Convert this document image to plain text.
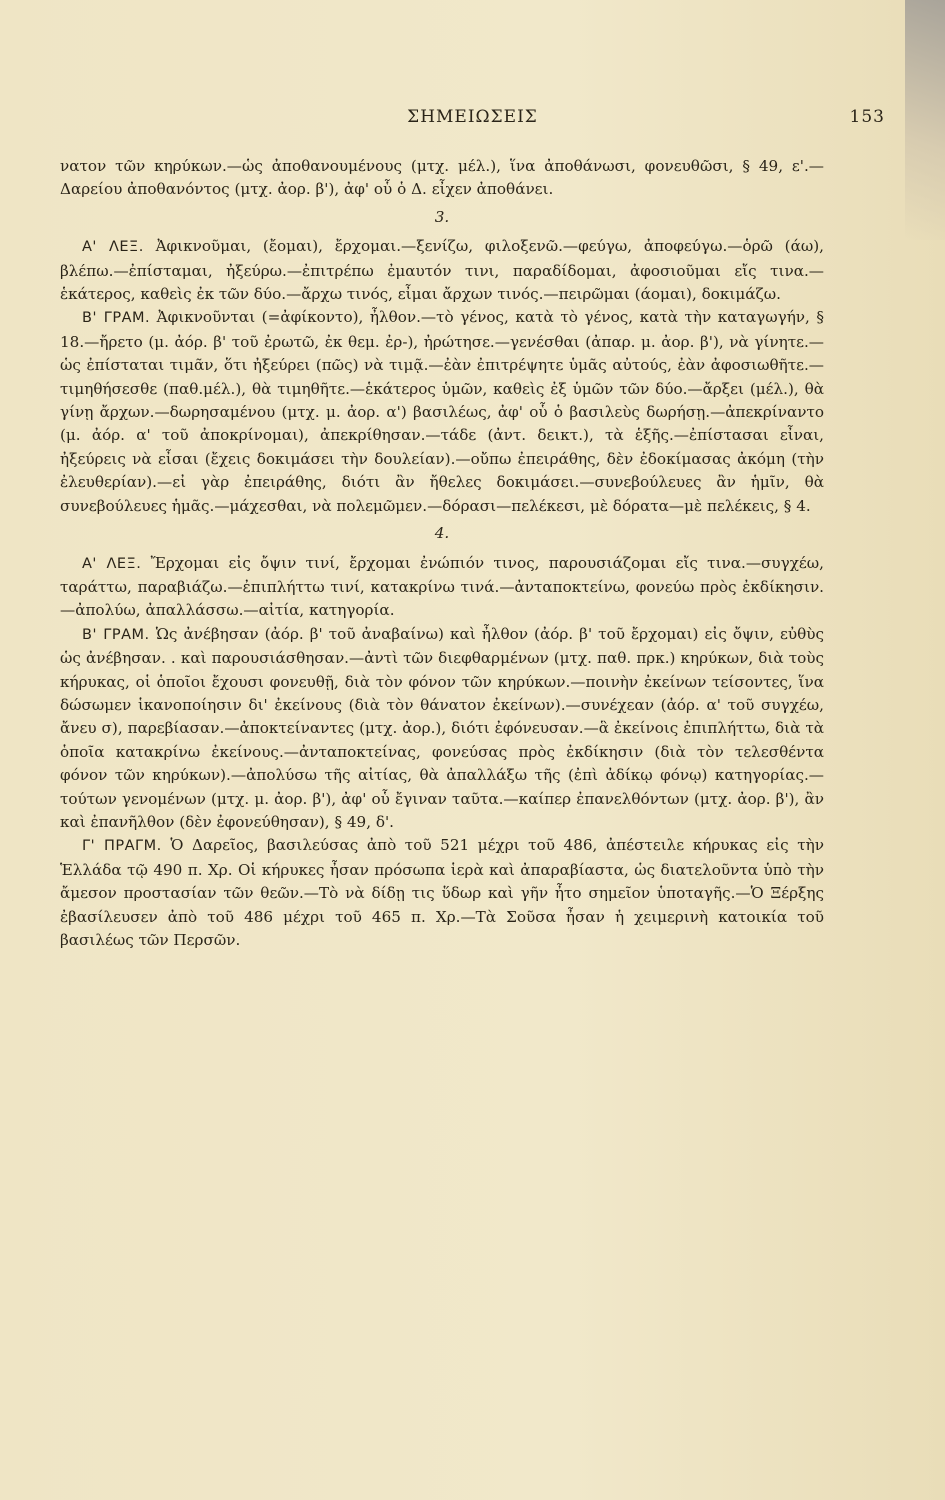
ΣΗΜΕΙΩΣΕΙΣ	153

νατον τῶν κηρύκων.—ὡς ἀποθανουμένους (μτχ. μέλ.), ἵνα ἀποθάνωσι, φονευθῶσι, § 49, ε'.—Δαρείου ἀποθανόντος (μτχ. ἀορ. β'), ἀφ' οὗ ὁ Δ. εἶχεν ἀποθάνει.

3.

Α' ΛΕΞ. Ἀφικνοῦμαι, (ἔομαι), ἔρχομαι.—ξενίζω, φιλοξενῶ.—φεύγω, ἀποφεύγω.—ὁρῶ (άω), βλέπω.—ἐπίσταμαι, ἠξεύρω.—ἐπιτρέπω ἐμαυτόν τινι, παραδίδομαι, ἀφοσιοῦμαι εἴς τινα.—ἑκάτερος, καθεὶς ἐκ τῶν δύο.—ἄρχω τινός, εἶμαι ἄρχων τινός.—πειρῶμαι (άομαι), δοκιμάζω.

Β' ΓΡΑΜ. Ἀφικνοῦνται (=ἀφίκοντο), ἦλθον.—τὸ γένος, κατὰ τὸ γένος, κατὰ τὴν καταγωγήν, § 18.—ἤρετο (μ. ἀόρ. β' τοῦ ἐρωτῶ, ἐκ θεμ. ἐρ-), ἠρώτησε.—γενέσθαι (ἀπαρ. μ. ἀορ. β'), νὰ γίνητε.—ὡς ἐπίσταται τιμᾶν, ὅτι ἠξεύρει (πῶς) νὰ τιμᾷ.—ἐὰν ἐπιτρέψητε ὑμᾶς αὐτούς, ἐὰν ἀφοσιωθῆτε.—τιμηθήσεσθε (παθ.μέλ.), θὰ τιμηθῆτε.—ἑκάτερος ὑμῶν, καθεὶς ἐξ ὑμῶν τῶν δύο.—ἄρξει (μέλ.), θὰ γίνῃ ἄρχων.—δωρησαμένου (μτχ. μ. ἀορ. α') βασιλέως, ἀφ' οὗ ὁ βασιλεὺς δωρήσῃ.—ἀπεκρίναντο (μ. ἀόρ. α' τοῦ ἀποκρίνομαι), ἀπεκρίθησαν.—τάδε (ἀντ. δεικτ.), τὰ ἑξῆς.—ἐπίστασαι εἶναι, ἠξεύρεις νὰ εἶσαι (ἔχεις δοκιμάσει τὴν δουλείαν).—οὔπω ἐπειράθης, δὲν ἐδοκίμασας ἀκόμη (τὴν ἐλευθερίαν).—εἰ γὰρ ἐπειράθης, διότι ἂν ἤθελες δοκιμάσει.—συνεβούλευες ἂν ἡμῖν, θὰ συνεβούλευες ἡμᾶς.—μάχεσθαι, νὰ πολεμῶμεν.—δόρασι—πελέκεσι, μὲ δόρατα—μὲ πελέκεις, § 4.

4.

Α' ΛΕΞ. Ἔρχομαι εἰς ὄψιν τινί, ἔρχομαι ἐνώπιόν τινος, παρουσιάζομαι εἴς τινα.—συγχέω, ταράττω, παραβιάζω.—ἐπιπλήττω τινί, κατακρίνω τινά.—ἀνταποκτείνω, φονεύω πρὸς ἐκδίκησιν.—ἀπολύω, ἀπαλλάσσω.—αἰτία, κατηγορία.

Β' ΓΡΑΜ. Ὡς ἀνέβησαν (ἀόρ. β' τοῦ ἀναβαίνω) καὶ ἦλθον (ἀόρ. β' τοῦ ἔρχομαι) εἰς ὄψιν, εὐθὺς ὡς ἀνέβησαν. . καὶ παρουσιάσθησαν.—ἀντὶ τῶν διεφθαρμένων (μτχ. παθ. πρκ.) κηρύκων, διὰ τοὺς κήρυκας, οἱ ὁποῖοι ἔχουσι φονευθῇ, διὰ τὸν φόνον τῶν κηρύκων.—ποινὴν ἐκείνων τείσοντες, ἵνα δώσωμεν ἱκανοποίησιν δι' ἐκείνους (διὰ τὸν θάνατον ἐκείνων).—συνέχεαν (ἀόρ. α' τοῦ συγχέω, ἄνευ σ), παρεβίασαν.—ἀποκτείναντες (μτχ. ἀορ.), διότι ἐφόνευσαν.—ἃ ἐκείνοις ἐπιπλήττω, διὰ τὰ ὁποῖα κατακρίνω ἐκείνους.—ἀνταποκτείνας, φονεύσας πρὸς ἐκδίκησιν (διὰ τὸν τελεσθέντα φόνον τῶν κηρύκων).—ἀπολύσω τῆς αἰτίας, θὰ ἀπαλλάξω τῆς (ἐπὶ ἀδίκῳ φόνῳ) κατηγορίας.—τούτων γενομένων (μτχ. μ. ἀορ. β'), ἀφ' οὗ ἔγιναν ταῦτα.—καίπερ ἐπανελθόντων (μτχ. ἀορ. β'), ἂν καὶ ἐπανῆλθον (δὲν ἐφονεύθησαν), § 49, δ'.

Γ' ΠΡΑΓΜ. Ὁ Δαρεῖος, βασιλεύσας ἀπὸ τοῦ 521 μέχρι τοῦ 486, ἀπέστειλε κήρυκας εἰς τὴν Ἑλλάδα τῷ 490 π. Χρ. Οἱ κήρυκες ἦσαν πρόσωπα ἱερὰ καὶ ἀπαραβίαστα, ὡς διατελοῦντα ὑπὸ τὴν ἄμεσον προστασίαν τῶν θεῶν.—Τὸ νὰ δίδῃ τις ὕδωρ καὶ γῆν ἦτο σημεῖον ὑποταγῆς.—Ὁ Ξέρξης ἐβασίλευσεν ἀπὸ τοῦ 486 μέχρι τοῦ 465 π. Χρ.—Τὰ Σοῦσα ἦσαν ἡ χειμερινὴ κατοικία τοῦ βασιλέως τῶν Περσῶν.
